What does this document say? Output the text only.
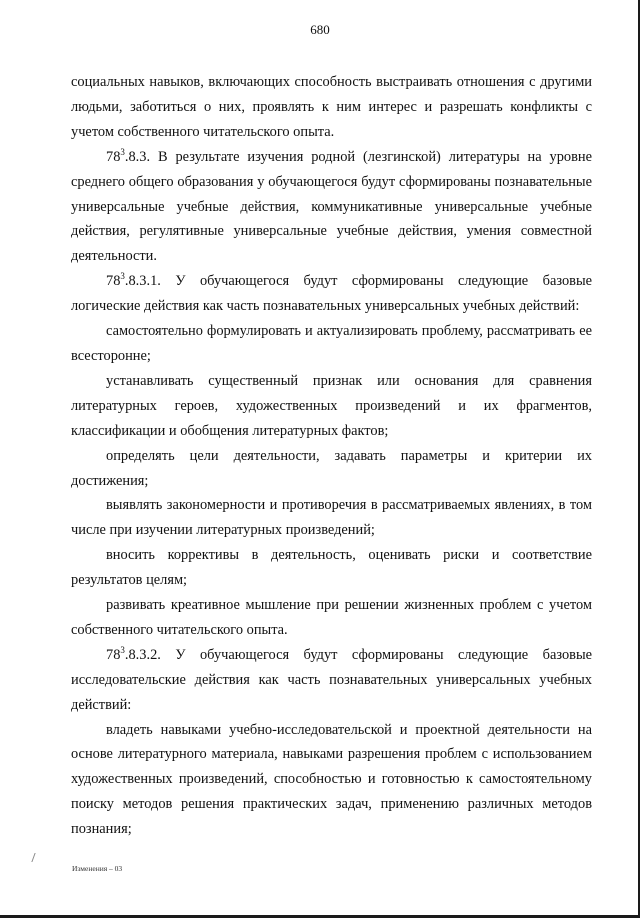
680

социальных навыков, включающих способность выстраивать отношения с другими людьми, заботиться о них, проявлять к ним интерес и разрешать конфликты с учетом собственного читательского опыта.

$78^3.8.3$. В результате изучения родной (лезгинской) литературы на уровне среднего общего образования у обучающегося будут сформированы познавательные универсальные учебные действия, коммуникативные универсальные учебные действия, регулятивные универсальные учебные действия, умения совместной деятельности.

$78^3.8.3.1$. У обучающегося будут сформированы следующие базовые логические действия как часть познавательных универсальных учебных действий:

самостоятельно формулировать и актуализировать проблему, рассматривать ее всесторонне;

устанавливать существенный признак или основания для сравнения литературных героев, художественных произведений и их фрагментов, классификации и обобщения литературных фактов;

определять цели деятельности, задавать параметры и критерии их достижения;

выявлять закономерности и противоречия в рассматриваемых явлениях, в том числе при изучении литературных произведений;

вносить коррективы в деятельность, оценивать риски и соответствие результатов целям;

развивать креативное мышление при решении жизненных проблем с учетом собственного читательского опыта.

$78^3.8.3.2$. У обучающегося будут сформированы следующие базовые исследовательские действия как часть познавательных универсальных учебных действий:

владеть навыками учебно-исследовательской и проектной деятельности на основе литературного материала, навыками разрешения проблем с использованием художественных произведений, способностью и готовностью к самостоятельному поиску методов решения практических задач, применению различных методов познания;

Изменения – 03
